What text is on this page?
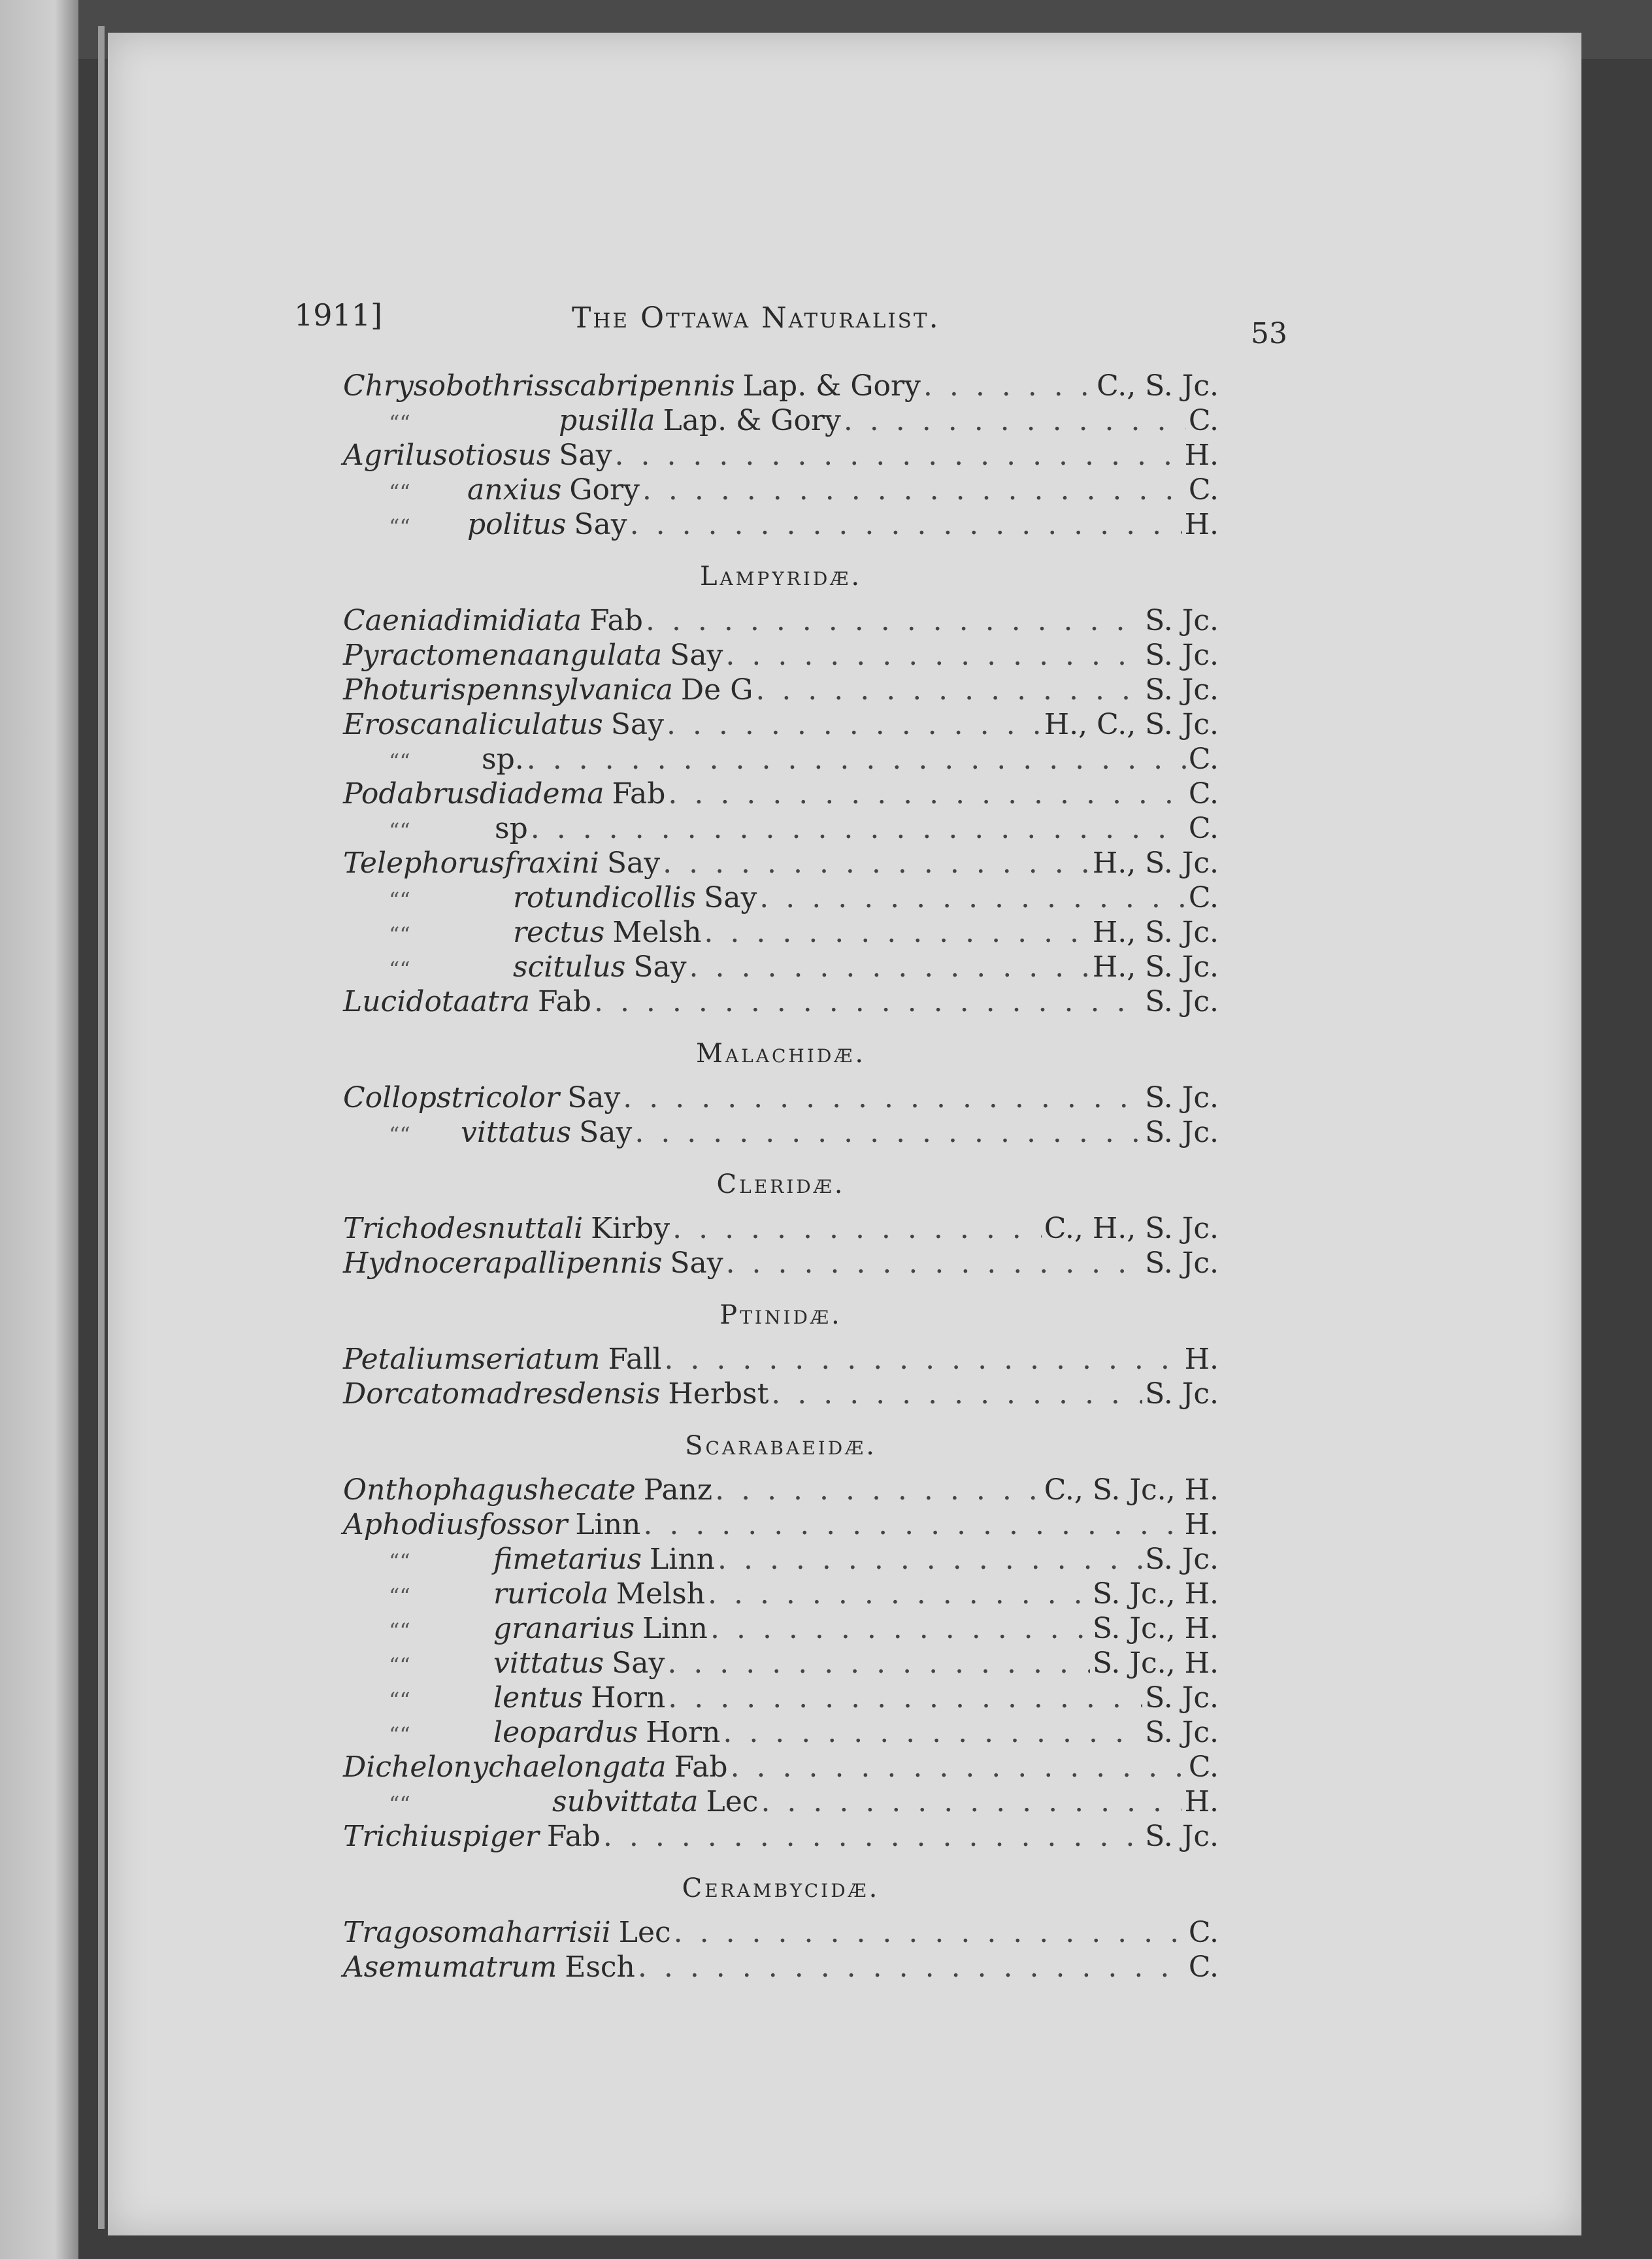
1911]	The Ottawa Naturalist.	53
Chrysobothris scabripennis Lap. & Gory . . .	C., S. Jc.
““	pusilla Lap. & Gory . . .	C.
Agrilus otiosus Say . . .	H.
““ anxius Gory . . .	C.
““ politus Say . . .	H.
Lampyridæ.
Caenia dimidiata Fab . . .	S. Jc.
Pyractomena angulata Say . . .	S. Jc.
Photuris pennsylvanica De G . . .	S. Jc.
Eros canaliculatus Say . . .	H., C., S. Jc.
““ sp. . . .	C.
Podabrus diadema Fab . . .	C.
““	sp . . .	C.
Telephorus fraxini Say . . .	H., S. Jc.
““	rotundicollis Say . . .	C.
““	rectus Melsh . . .	H., S. Jc.
““	scitulus Say . . .	H., S. Jc.
Lucidota atra Fab . . .	S. Jc.
Malachidæ.
Collops tricolor Say . . .	S. Jc.
““ vittatus Say . . .	S. Jc.
Cleridæ.
Trichodes nuttali Kirby . . .	C., H., S. Jc.
Hydnocera pallipennis Say . . .	S. Jc.
Ptinidæ.
Petalium seriatum Fall . . .	H.
Dorcatoma dresdensis Herbst . . .	S. Jc.
Scarabaeidæ.
Onthophagus hecate Panz . . .	C., S. Jc., H.
Aphodius fossor Linn . . .	H.
““	fimetarius Linn . . .	S. Jc.
““	ruricola Melsh . . .	S. Jc., H.
““	granarius Linn . . .	S. Jc., H.
““	vittatus Say . . .	S. Jc., H.
““	lentus Horn . . .	S. Jc.
““	leopardus Horn . . .	S. Jc.
Dichelonycha elongata Fab . . .	C.
““	subvittata Lec . . .	H.
Trichius piger Fab . . .	S. Jc.
Cerambycidæ.
Tragosoma harrisii Lec . . .	C.
Asemum atrum Esch . . .	C.
